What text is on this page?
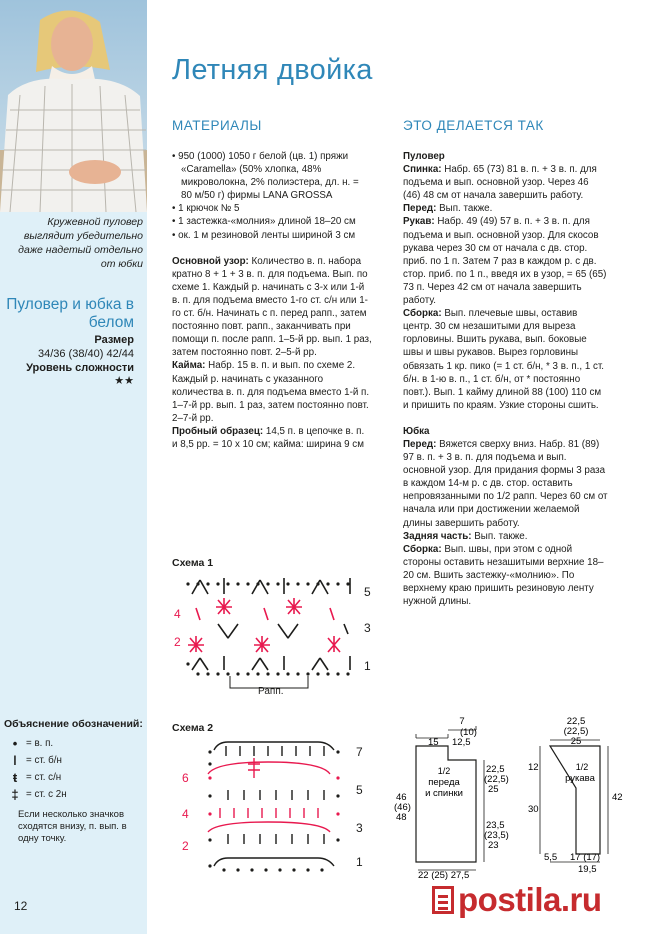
Кружевной пуловер выглядит убедительно даже надетый отдельно от юбки
Пуловер и юбка в белом
Размер
34/36 (38/40) 42/44

Уровень сложности
★★
Объяснение обозначений:
• = в. п.
ǀ = ст. б/н
ŧ = ст. с/н
‡ = ст. с 2н
Если несколько значков сходятся внизу, п. вып. в одну точку.
12
Летняя двойка
МАТЕРИАЛЫ	ЭТО ДЕЛАЕТСЯ ТАК
• 950 (1000) 1050 г белой (цв. 1) пряжи «Caramella» (50% хлопка, 48% микроволокна, 2% полиэстера, дл. н. = 80 м/50 г) фирмы LANA GROSSA
• 1 крючок № 5
• 1 застежка-«молния» длиной 18–20 см
• ок. 1 м резиновой ленты шириной 3 см

Основной узор: Количество в. п. набора кратно 8 + 1 + 3 в. п. для подъема. Вып. по схеме 1. Каждый р. начинать с 3-х или 1-й в. п. для подъема вместо 1-го ст. с/н или 1-го ст. б/н. Начинать с п. перед рапп., затем постоянно повт. рапп., заканчивать при помощи п. после рапп. 1–5-й рр. вып. 1 раз, затем постоянно повт. 2–5-й рр.

Кайма: Набр. 15 в. п. и вып. по схеме 2. Каждый р. начинать с указанного количества в. п. для подъема вместо 1-й п. 1–7-й рр. вып. 1 раз, затем постоянно повт. 2–7-й рр.

Пробный образец: 14,5 п. в цепочке в. п. и 8,5 рр. = 10 х 10 см; кайма: ширина 9 см

Пуловер

Спинка: Набр. 65 (73) 81 в. п. + 3 в. п. для подъема и вып. основной узор. Через 46 (46) 48 см от начала завершить работу.

Перед: Вып. также.

Рукав: Набр. 49 (49) 57 в. п. + 3 в. п. для подъема и вып. основной узор. Для скосов рукава через 30 см от начала с дв. стор. приб. по 1 п. Затем 7 раз в каждом р. с дв. стор. приб. по 1 п., введя их в узор, = 65 (65) 73 п. Через 42 см от начала завершить работу.

Сборка: Вып. плечевые швы, оставив центр. 30 см незашитыми для выреза горловины. Вшить рукава, вып. боковые швы и швы рукавов. Вырез горловины обвязать 1 кр. пико (= 1 ст. б/н, * 3 в. п., 1 ст. б/н. в 1-ю в. п., 1 ст. б/н, от * постоянно повт.). Вып. 1 кайму длиной 88 (100) 110 см и пришить по краям. Узкие стороны сшить.

Юбка

Перед: Вяжется сверху вниз. Набр. 81 (89) 97 в. п. + 3 в. п. для подъема и вып. основной узор. Для придания формы 3 раза в каждом 14-м р. с дв. стор. оставить непровязанными по 1/2 рапп. Через 60 см от начала или при достижении желаемой длины завершить работу.

Задняя часть: Вып. также.

Сборка: Вып. швы, при этом с одной стороны оставить незашитыми верхние 18–20 см. Вшить застежку-«молнию». По верхнему краю пришить резиновую ленту нужной длины.

Схема 1
4
2
5
3
1
Рапп.
Схема 2
6
4
2
7
5
3
1
7
(10)
12,5
15
1/2
переда
и спинки
22,5
(22,5)
25
46
(46)
48
23,5
(23,5)
23
22 (25) 27,5
22,5
(22,5)
25
12
30
42
1/2
рукава
5,5 17 (17)
19,5
postila.ru
